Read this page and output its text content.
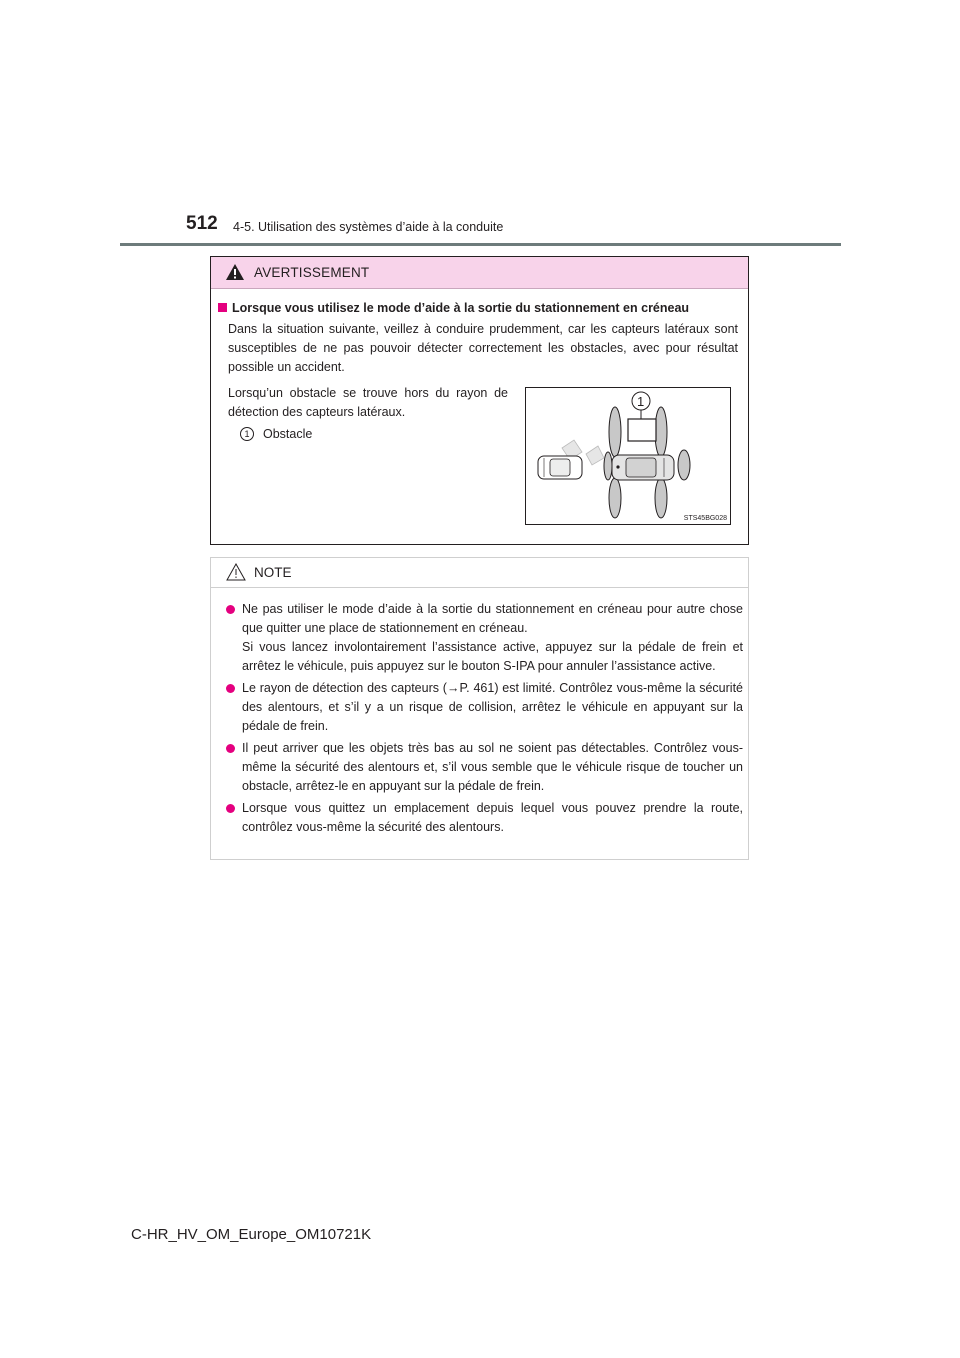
512 4-5. Utilisation des systèmes d’aide à la conduite
AVERTISSEMENT
Lorsque vous utilisez le mode d’aide à la sortie du stationnement en créneau
Dans la situation suivante, veillez à conduire prudemment, car les capteurs latéraux sont susceptibles de ne pas pouvoir détecter correctement les obstacles, avec pour résultat possible un accident.
Lorsqu’un obstacle se trouve hors du rayon de détection des capteurs latéraux.
1 Obstacle
1
STS45BG028
NOTE

Ne pas utiliser le mode d’aide à la sortie du stationnement en créneau pour autre chose que quitter une place de stationnement en créneau.

Si vous lancez involontairement l’assistance active, appuyez sur la pédale de frein et arrêtez le véhicule, puis appuyez sur le bouton S-IPA pour annuler l’assistance active.

Le rayon de détection des capteurs (→P. 461) est limité. Contrôlez vous-même la sécurité des alentours, et s’il y a un risque de collision, arrêtez le véhicule en appuyant sur la pédale de frein.

Il peut arriver que les objets très bas au sol ne soient pas détectables. Contrôlez vous-même la sécurité des alentours et, s’il vous semble que le véhicule risque de toucher un obstacle, arrêtez-le en appuyant sur la pédale de frein.

Lorsque vous quittez un emplacement depuis lequel vous pouvez prendre la route, contrôlez vous-même la sécurité des alentours.

C-HR_HV_OM_Europe_OM10721K
